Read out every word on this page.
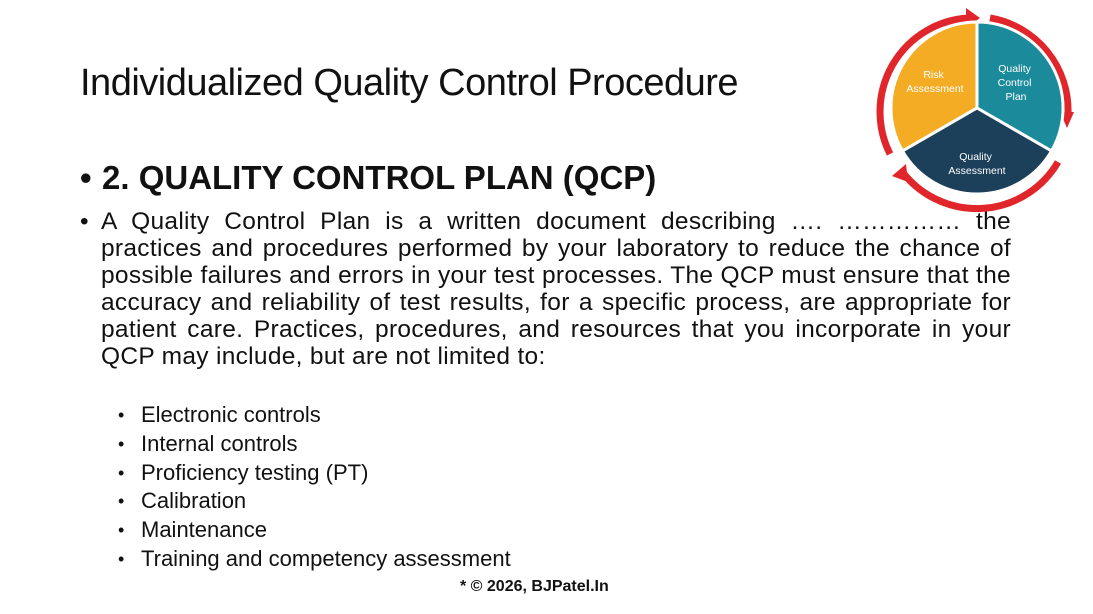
Individualized Quality Control Procedure
• 2. QUALITY CONTROL PLAN (QCP)
• A Quality Control Plan is a written document describing …. …………… the practices and procedures performed by your laboratory to reduce the chance of possible failures and errors in your test processes. The QCP must ensure that the accuracy and reliability of test results, for a specific process, are appropriate for patient care. Practices, procedures, and resources that you incorporate in your QCP may include, but are not limited to:
• Electronic controls
• Internal controls
• Proficiency testing (PT)
• Calibration
• Maintenance
• Training and competency assessment
* © 2026, BJPatel.In
Risk Assessment
Quality Control Plan
Quality Assessment
